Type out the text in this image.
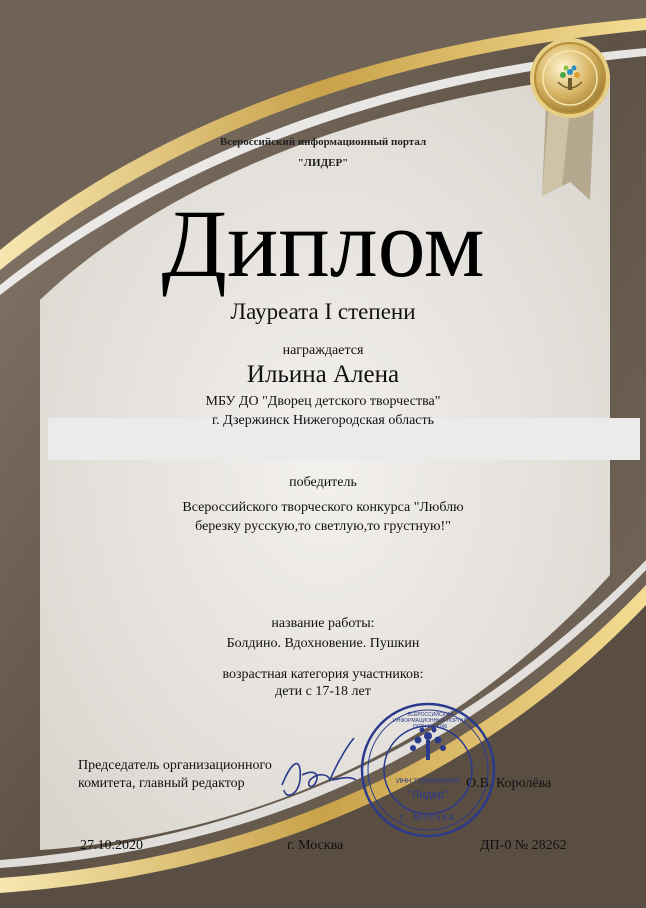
Всероссийский информационный портал
"ЛИДЕР"
Диплом
Лауреата I степени
награждается
Ильина Алена
МБУ ДО "Дворец детского творчества"
г. Дзержинск Нижегородская область
победитель
Всероссийского творческого конкурса "Люблю
березку русскую,то светлую,то грустную!"
название работы:
Болдино. Вдохновение. Пушкин
возрастная категория участников:
дети с 17-18 лет
Председатель организационного
комитета, главный редактор	О.В. Королёва
ИНН:772638182800
"Лидер"
г. Москва
ВСЕРОССИЙСКИЙ ИНФОРМАЦИОННЫЙ ПОРТАЛ ОГРН:3157746
27.10.2020	г. Москва	ДП-0 № 28262
